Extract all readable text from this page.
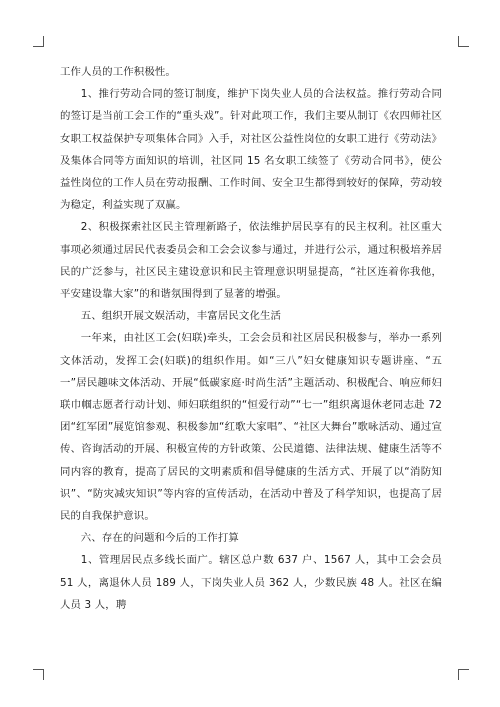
工作人员的工作积极性。

1、推行劳动合同的签订制度，维护下岗失业人员的合法权益。推行劳动合同的签订是当前工会工作的“重头戏”。针对此项工作，我们主要从制订《农四师社区女职工权益保护专项集体合同》入手，对社区公益性岗位的女职工进行《劳动法》及集体合同等方面知识的培训，社区同 15 名女职工续签了《劳动合同书》，使公益性岗位的工作人员在劳动报酬、工作时间、安全卫生都得到较好的保障，劳动较为稳定，利益实现了双赢。

2、积极探索社区民主管理新路子，依法维护居民享有的民主权利。社区重大事项必须通过居民代表委员会和工会会议参与通过，并进行公示，通过积极培养居民的广泛参与，社区民主建设意识和民主管理意识明显提高，“社区连着你我他，平安建设靠大家”的和谐氛围得到了显著的增强。

五、组织开展文娱活动，丰富居民文化生活

一年来，由社区工会(妇联)牵头，工会会员和社区居民积极参与，举办一系列文体活动，发挥工会(妇联)的组织作用。如“三八”妇女健康知识专题讲座、“五一”居民趣味文体活动、开展“低碳家庭·时尚生活”主题活动、积极配合、响应师妇联巾帼志愿者行动计划、师妇联组织的“恒爱行动”“七一”组织离退休老同志赴 72 团“红军团”展览馆参观、积极参加“红歌大家唱”、“社区大舞台”歌咏活动、通过宣传、咨询活动的开展、积极宣传的方针政策、公民道德、法律法规、健康生活等不同内容的教育，提高了居民的文明素质和倡导健康的生活方式、开展了以“消防知识”、“防灾减灾知识”等内容的宣传活动，在活动中普及了科学知识，也提高了居民的自我保护意识。

六、存在的问题和今后的工作打算

1、管理居民点多线长面广。辖区总户数 637 户、1567 人，其中工会会员 51 人，离退休人员 189 人，下岗失业人员 362 人，少数民族 48 人。社区在编人员 3 人，聘
